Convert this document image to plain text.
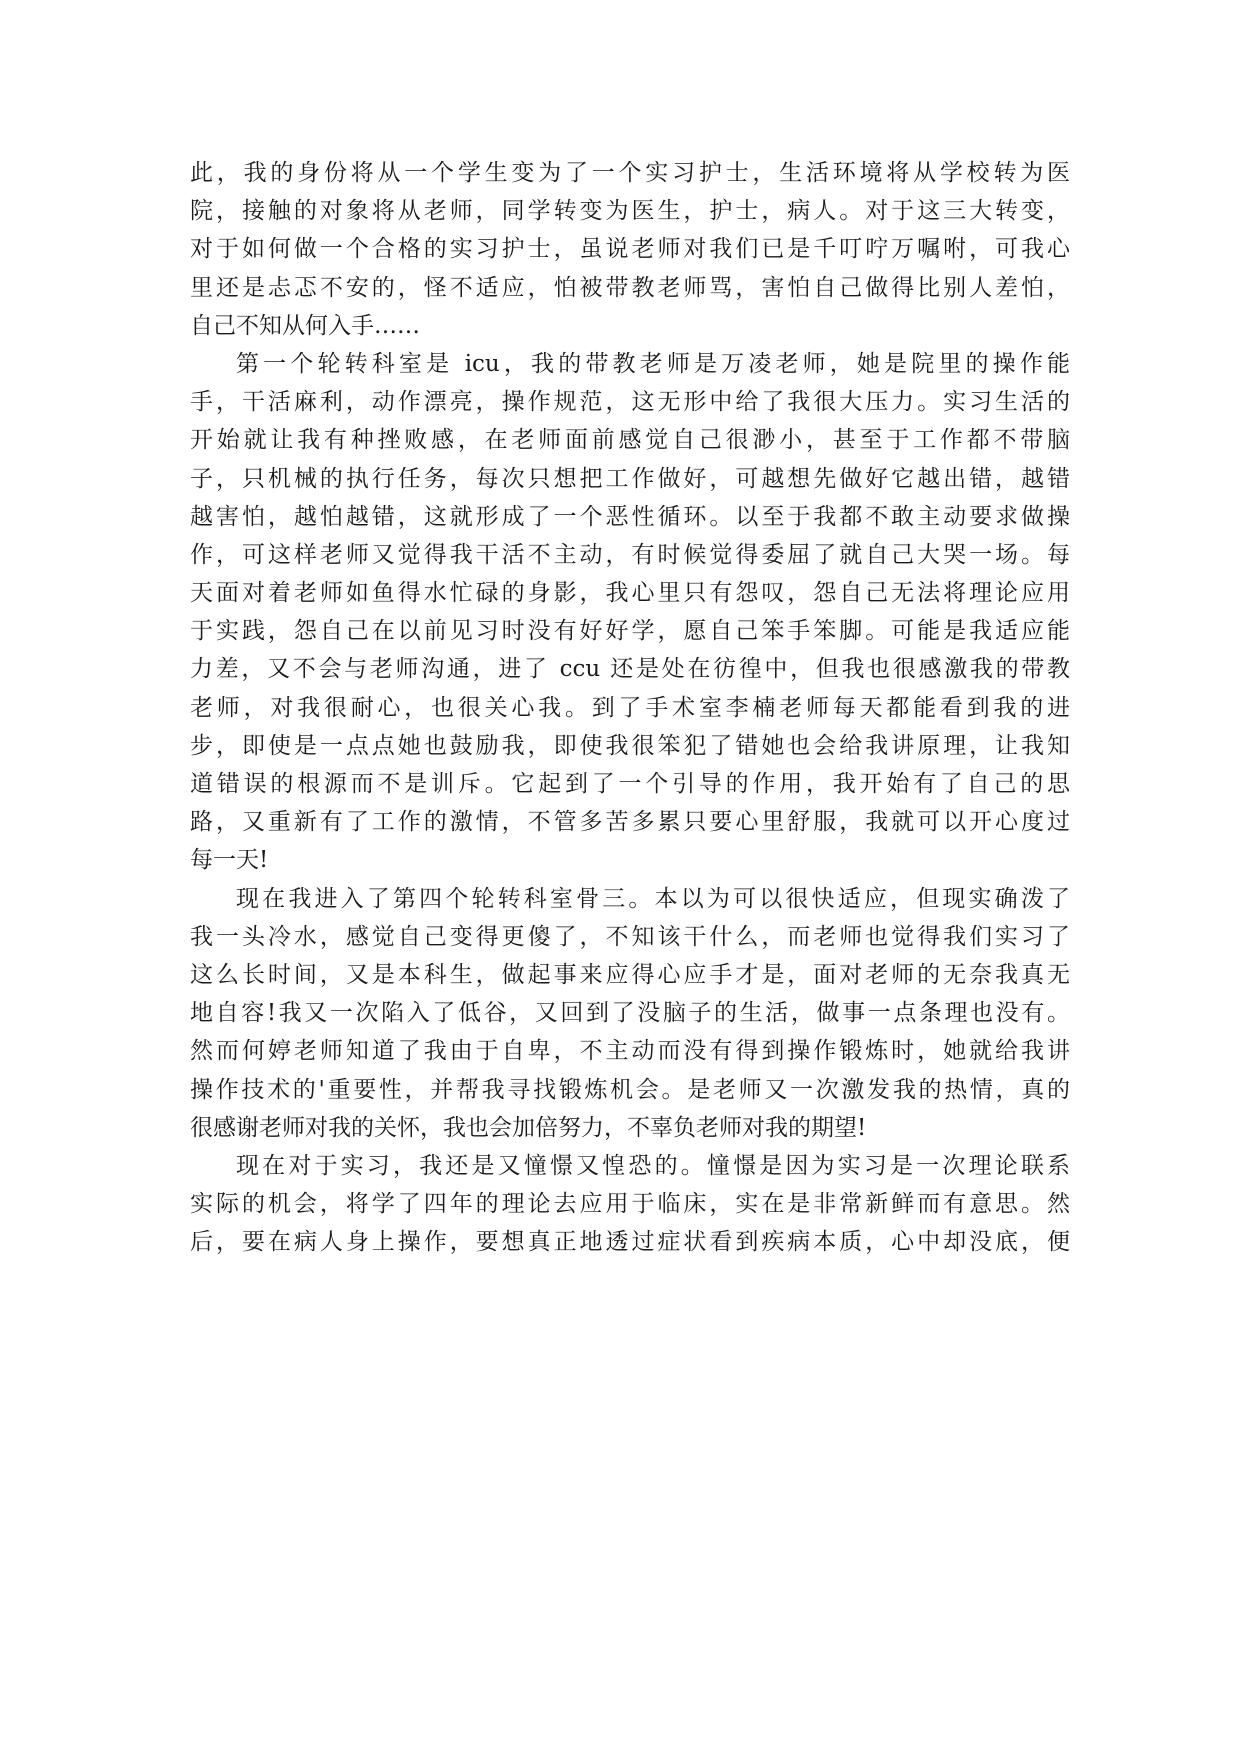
此，我的身份将从一个学生变为了一个实习护士，生活环境将从学校转为医
院，接触的对象将从老师，同学转变为医生，护士，病人。对于这三大转变，
对于如何做一个合格的实习护士，虽说老师对我们已是千叮咛万嘱咐，可我心
里还是忐忑不安的，怪不适应，怕被带教老师骂，害怕自己做得比别人差怕，
自己不知从何入手……
第一个轮转科室是 icu，我的带教老师是万凌老师，她是院里的操作能
手，干活麻利，动作漂亮，操作规范，这无形中给了我很大压力。实习生活的
开始就让我有种挫败感，在老师面前感觉自己很渺小，甚至于工作都不带脑
子，只机械的执行任务，每次只想把工作做好，可越想先做好它越出错，越错
越害怕，越怕越错，这就形成了一个恶性循环。以至于我都不敢主动要求做操
作，可这样老师又觉得我干活不主动，有时候觉得委屈了就自己大哭一场。每
天面对着老师如鱼得水忙碌的身影，我心里只有怨叹，怨自己无法将理论应用
于实践，怨自己在以前见习时没有好好学，愿自己笨手笨脚。可能是我适应能
力差，又不会与老师沟通，进了 ccu 还是处在彷徨中，但我也很感激我的带教
老师，对我很耐心，也很关心我。到了手术室李楠老师每天都能看到我的进
步，即使是一点点她也鼓励我，即使我很笨犯了错她也会给我讲原理，让我知
道错误的根源而不是训斥。它起到了一个引导的作用，我开始有了自己的思
路，又重新有了工作的激情，不管多苦多累只要心里舒服，我就可以开心度过
每一天!
现在我进入了第四个轮转科室骨三。本以为可以很快适应，但现实确泼了
我一头冷水，感觉自己变得更傻了，不知该干什么，而老师也觉得我们实习了
这么长时间，又是本科生，做起事来应得心应手才是，面对老师的无奈我真无
地自容!我又一次陷入了低谷，又回到了没脑子的生活，做事一点条理也没有。
然而何婷老师知道了我由于自卑，不主动而没有得到操作锻炼时，她就给我讲
操作技术的'重要性，并帮我寻找锻炼机会。是老师又一次激发我的热情，真的
很感谢老师对我的关怀，我也会加倍努力，不辜负老师对我的期望!
现在对于实习，我还是又憧憬又惶恐的。憧憬是因为实习是一次理论联系
实际的机会，将学了四年的理论去应用于临床，实在是非常新鲜而有意思。然
后，要在病人身上操作，要想真正地透过症状看到疾病本质，心中却没底，便
